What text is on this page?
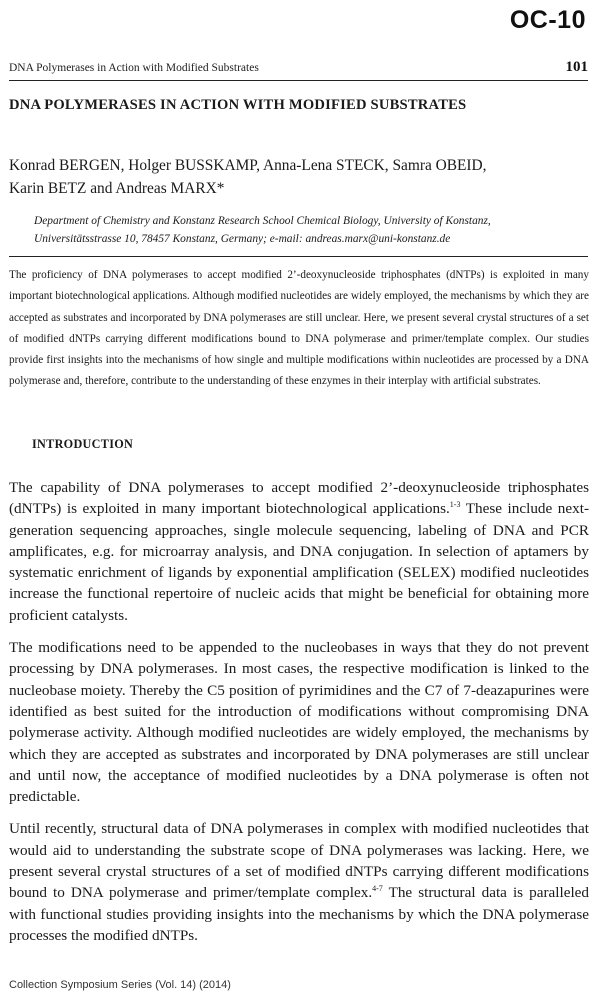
OC-10
DNA Polymerases in Action with Modified Substrates	101
DNA POLYMERASES IN ACTION WITH MODIFIED SUBSTRATES

Konrad BERGEN, Holger BUSSKAMP, Anna-Lena STECK, Samra OBEID,
Karin BETZ and Andreas MARX*

Department of Chemistry and Konstanz Research School Chemical Biology, University of Konstanz,
Universitätsstrasse 10, 78457 Konstanz, Germany; e-mail: andreas.marx@uni-konstanz.de

The proficiency of DNA polymerases to accept modified 2’-deoxynucleoside triphosphates (dNTPs) is exploited in many important biotechnological applications. Although modified nucleotides are widely employed, the mechanisms by which they are accepted as substrates and incorporated by DNA polymerases are still unclear. Here, we present several crystal structures of a set of modified dNTPs carrying different modifications bound to DNA polymerase and primer/template complex. Our studies provide first insights into the mechanisms of how single and multiple modifications within nucleotides are processed by a DNA polymerase and, therefore, contribute to the understanding of these enzymes in their interplay with artificial substrates.

INTRODUCTION

The capability of DNA polymerases to accept modified 2’-deoxynucleoside triphosphates (dNTPs) is exploited in many important biotechnological applications.$^{1-3}$ These include next-generation sequencing approaches, single molecule sequencing, labeling of DNA and PCR amplificates, e.g. for microarray analysis, and DNA conjugation. In selection of aptamers by systematic enrichment of ligands by exponential amplification (SELEX) modified nucleotides increase the functional repertoire of nucleic acids that might be beneficial for obtaining more proficient catalysts.

The modifications need to be appended to the nucleobases in ways that they do not prevent processing by DNA polymerases. In most cases, the respective modification is linked to the nucleobase moiety. Thereby the C5 position of pyrimidines and the C7 of 7-deazapurines were identified as best suited for the introduction of modifications without compromising DNA polymerase activity. Although modified nucleotides are widely employed, the mechanisms by which they are accepted as substrates and incorporated by DNA polymerases are still unclear and until now, the acceptance of modified nucleotides by a DNA polymerase is often not predictable.

Until recently, structural data of DNA polymerases in complex with modified nucleotides that would aid to understanding the substrate scope of DNA polymerases was lacking. Here, we present several crystal structures of a set of modified dNTPs carrying different modifications bound to DNA polymerase and primer/template complex.$^{4-7}$ The structural data is paralleled with functional studies providing insights into the mechanisms by which the DNA polymerase processes the modified dNTPs.

Collection Symposium Series (Vol. 14) (2014)
